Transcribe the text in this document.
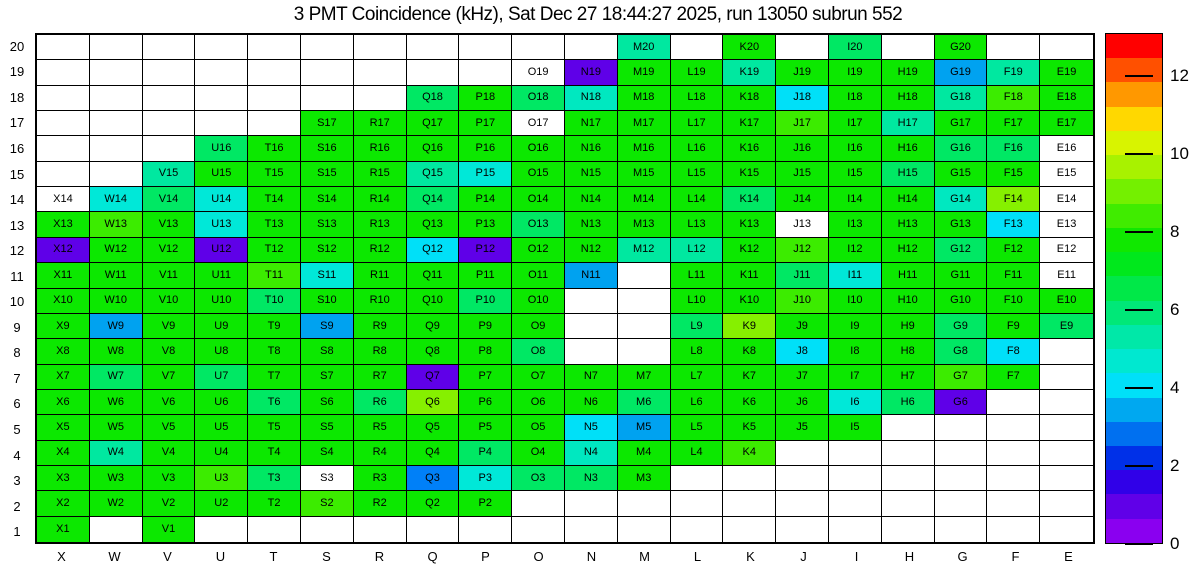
3 PMT Coincidence (kHz), Sat Dec 27 18:44:27 2025, run 13050 subrun 552
M20	K20	I20	G20
O19	N19	M19	L19	K19	J19	I19	H19	G19	F19	E19
Q18	P18	O18	N18	M18	L18	K18	J18	I18	H18	G18	F18	E18
S17	R17	Q17	P17	O17	N17	M17	L17	K17	J17	I17	H17	G17	F17	E17
U16	T16	S16	R16	Q16	P16	O16	N16	M16	L16	K16	J16	I16	H16	G16	F16	E16
V15	U15	T15	S15	R15	Q15	P15	O15	N15	M15	L15	K15	J15	I15	H15	G15	F15	E15
X14	W14	V14	U14	T14	S14	R14	Q14	P14	O14	N14	M14	L14	K14	J14	I14	H14	G14	F14	E14
X13	W13	V13	U13	T13	S13	R13	Q13	P13	O13	N13	M13	L13	K13	J13	I13	H13	G13	F13	E13
X12	W12	V12	U12	T12	S12	R12	Q12	P12	O12	N12	M12	L12	K12	J12	I12	H12	G12	F12	E12
X11	W11	V11	U11	T11	S11	R11	Q11	P11	O11	N11	L11	K11	J11	I11	H11	G11	F11	E11
X10	W10	V10	U10	T10	S10	R10	Q10	P10	O10	L10	K10	J10	I10	H10	G10	F10	E10
X9	W9	V9	U9	T9	S9	R9	Q9	P9	O9	L9	K9	J9	I9	H9	G9	F9	E9
X8	W8	V8	U8	T8	S8	R8	Q8	P8	O8	L8	K8	J8	I8	H8	G8	F8
X7	W7	V7	U7	T7	S7	R7	Q7	P7	O7	N7	M7	L7	K7	J7	I7	H7	G7	F7
X6	W6	V6	U6	T6	S6	R6	Q6	P6	O6	N6	M6	L6	K6	J6	I6	H6	G6
X5	W5	V5	U5	T5	S5	R5	Q5	P5	O5	N5	M5	L5	K5	J5	I5
X4	W4	V4	U4	T4	S4	R4	Q4	P4	O4	N4	M4	L4	K4
X3	W3	V3	U3	T3	S3	R3	Q3	P3	O3	N3	M3
X2	W2	V2	U2	T2	S2	R2	Q2	P2
X1	V1
20
19
18
17
16
15
14
13
12
11
10
9
8
7
6
5
4
3
2
1
X	W	V	U	T	S	R	Q	P	O	N	M	L	K	J	I	H	G	F	E
0
2
4
6
8
10
12
